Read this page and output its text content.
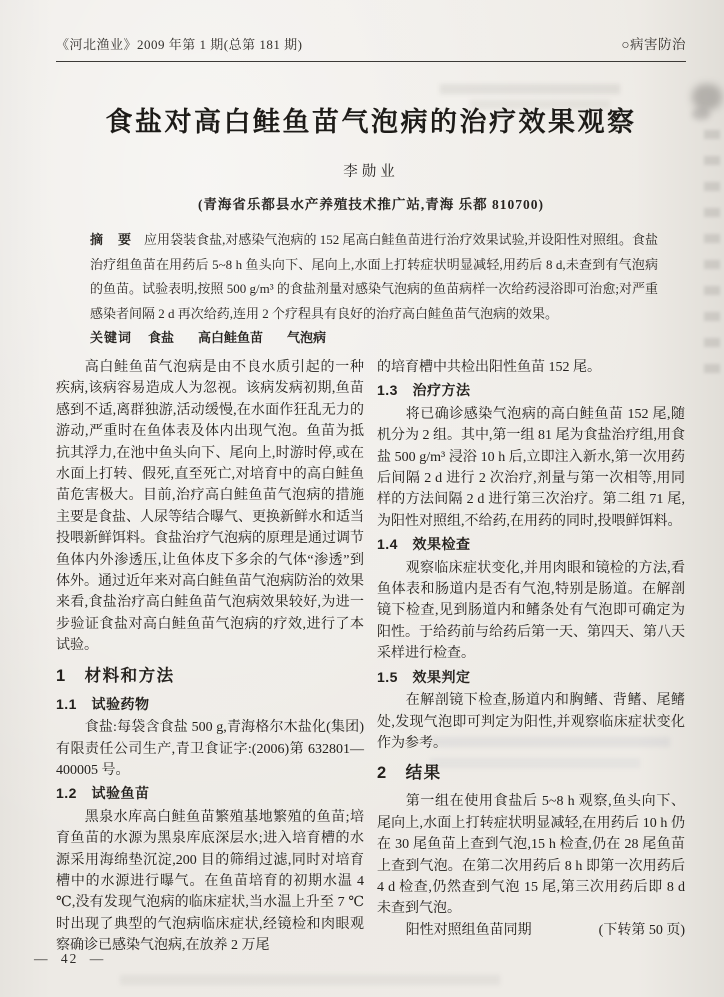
《河北渔业》2009 年第 1 期(总第 181 期)	○病害防治
食盐对高白鲑鱼苗气泡病的治疗效果观察
李勋业
(青海省乐都县水产养殖技术推广站,青海 乐都 810700)
摘　要 应用袋装食盐,对感染气泡病的 152 尾高白鲑鱼苗进行治疗效果试验,并设阳性对照组。食盐治疗组鱼苗在用药后 5~8 h 鱼头向下、尾向上,水面上打转症状明显减轻,用药后 8 d,未查到有气泡病的鱼苗。试验表明,按照 500 g/m³ 的食盐剂量对感染气泡病的鱼苗病样一次给药浸浴即可治愈;对严重感染者间隔 2 d 再次给药,连用 2 个疗程具有良好的治疗高白鲑鱼苗气泡病的效果。
关键词 食盐 高白鲑鱼苗 气泡病
高白鲑鱼苗气泡病是由不良水质引起的一种疾病,该病容易造成人为忽视。该病发病初期,鱼苗感到不适,离群独游,活动缓慢,在水面作狂乱无力的游动,严重时在鱼体表及体内出现气泡。鱼苗为抵抗其浮力,在池中鱼头向下、尾向上,时游时停,或在水面上打转、假死,直至死亡,对培育中的高白鲑鱼苗危害极大。目前,治疗高白鲑鱼苗气泡病的措施主要是食盐、人尿等结合曝气、更换新鲜水和适当投喂新鲜饵料。食盐治疗气泡病的原理是通过调节鱼体内外渗透压,让鱼体皮下多余的气体“渗透”到体外。通过近年来对高白鲑鱼苗气泡病防治的效果来看,食盐治疗高白鲑鱼苗气泡病效果较好,为进一步验证食盐对高白鲑鱼苗气泡病的疗效,进行了本试验。
1　材料和方法
1.1　试验药物
食盐:每袋含食盐 500 g,青海格尔木盐化(集团)有限责任公司生产,青卫食证字:(2006)第 632801—400005 号。
1.2　试验鱼苗
黑泉水库高白鲑鱼苗繁殖基地繁殖的鱼苗;培育鱼苗的水源为黑泉库底深层水;进入培育槽的水源采用海绵垫沉淀,200 目的筛绢过滤,同时对培育槽中的水源进行曝气。在鱼苗培育的初期水温 4 ℃,没有发现气泡病的临床症状,当水温上升至 7 ℃时出现了典型的气泡病临床症状,经镜检和肉眼观察确诊已感染气泡病,在放养 2 万尾
的培育槽中共检出阳性鱼苗 152 尾。
1.3　治疗方法
将已确诊感染气泡病的高白鲑鱼苗 152 尾,随机分为 2 组。其中,第一组 81 尾为食盐治疗组,用食盐 500 g/m³ 浸浴 10 h 后,立即注入新水,第一次用药后间隔 2 d 进行 2 次治疗,剂量与第一次相等,用同样的方法间隔 2 d 进行第三次治疗。第二组 71 尾,为阳性对照组,不给药,在用药的同时,投喂鲜饵料。
1.4　效果检查
观察临床症状变化,并用肉眼和镜检的方法,看鱼体表和肠道内是否有气泡,特别是肠道。在解剖镜下检查,见到肠道内和鳍条处有气泡即可确定为阳性。于给药前与给药后第一天、第四天、第八天采样进行检查。
1.5　效果判定
在解剖镜下检查,肠道内和胸鳍、背鳍、尾鳍处,发现气泡即可判定为阳性,并观察临床症状变化作为参考。
2　结果
第一组在使用食盐后 5~8 h 观察,鱼头向下、尾向上,水面上打转症状明显减轻,在用药后 10 h 仍在 30 尾鱼苗上查到气泡,15 h 检查,仍在 28 尾鱼苗上查到气泡。在第二次用药后 8 h 即第一次用药后 4 d 检查,仍然查到气泡 15 尾,第三次用药后即 8 d 未查到气泡。
阳性对照组鱼苗同期	(下转第 50 页)
— 42 —
